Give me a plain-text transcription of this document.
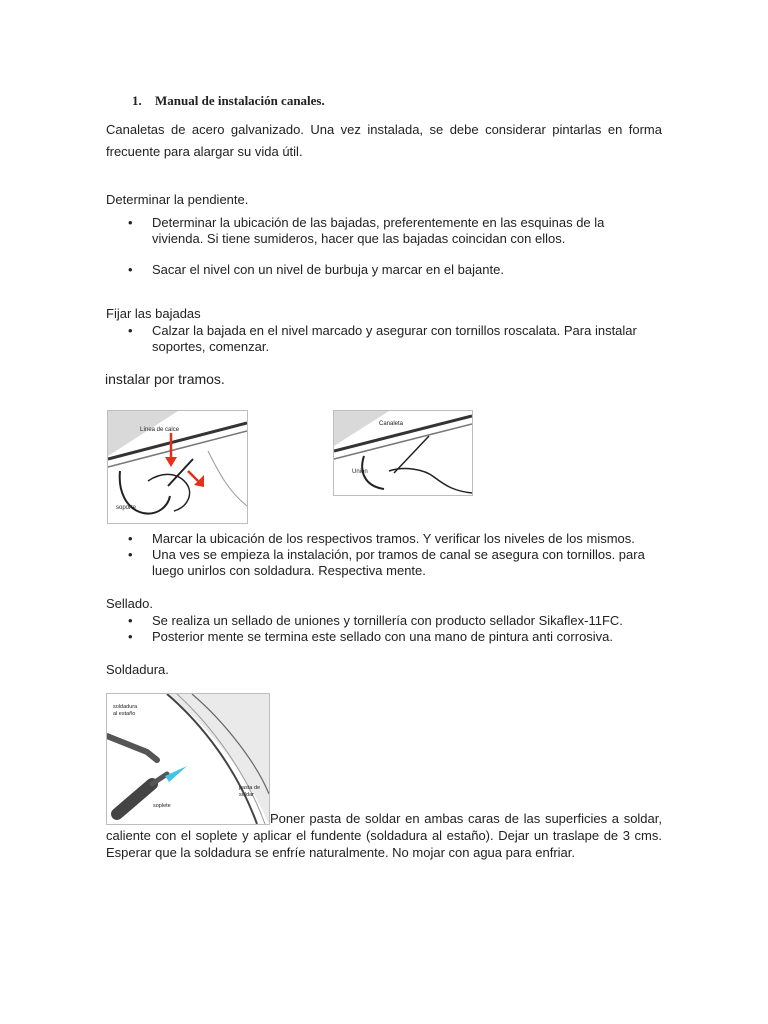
1. Manual de instalación canales.
Canaletas de acero galvanizado. Una vez instalada, se debe considerar pintarlas en forma frecuente para alargar su vida útil.
Determinar la pendiente.
• Determinar la ubicación de las bajadas, preferentemente en las esquinas de la vivienda. Si tiene sumideros, hacer que las bajadas coincidan con ellos.
• Sacar el nivel con un nivel de burbuja y marcar en el bajante.
Fijar las bajadas
• Calzar la bajada en el nivel marcado y asegurar con tornillos roscalata. Para instalar soportes, comenzar.
instalar por tramos.
Línea de calce
soporte
Canaleta
Unión
• Marcar la ubicación de los respectivos tramos. Y verificar los niveles de los mismos.
• Una ves se empieza la instalación, por tramos de canal se asegura con tornillos. para luego unirlos con soldadura. Respectiva mente.
Sellado.
• Se realiza un sellado de uniones y tornillería con producto sellador Sikaflex-11FC.
• Posterior mente se termina este sellado con una mano de pintura anti corrosiva.
Soldadura.
soldadura
al estaño
soplete
pasta de
soldar
Poner pasta de soldar en ambas caras de las superficies a soldar, caliente con el soplete y aplicar el fundente (soldadura al estaño). Dejar un traslape de 3 cms. Esperar que la soldadura se enfríe naturalmente. No mojar con agua para enfriar.
